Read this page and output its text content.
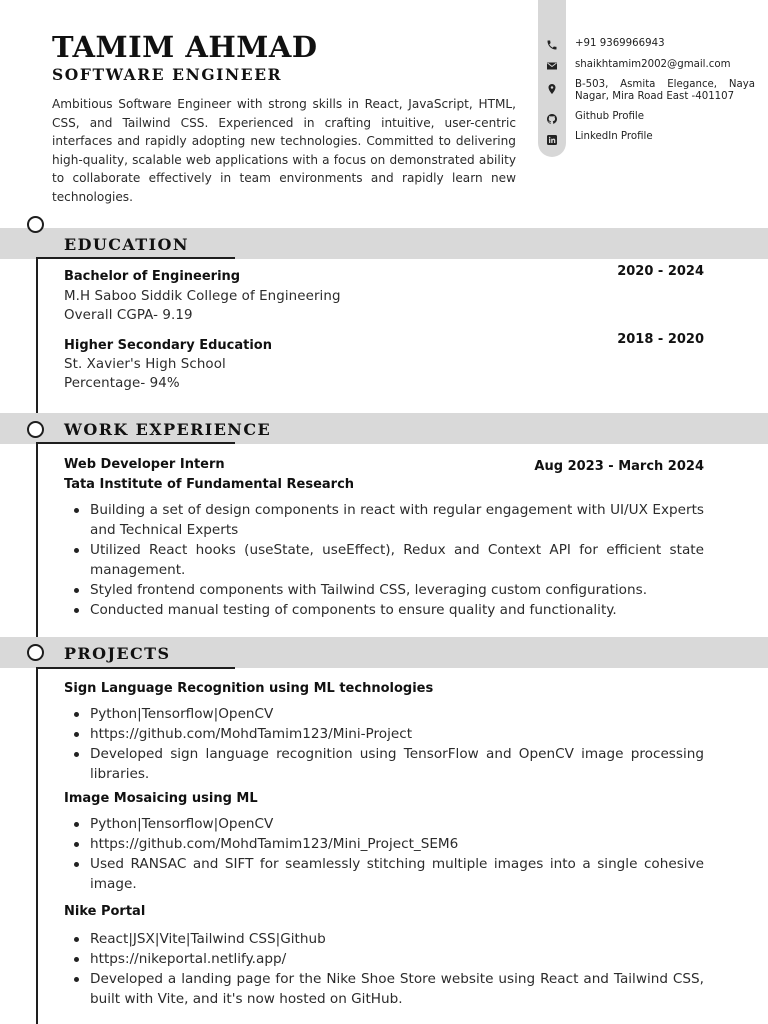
TAMIM AHMAD
SOFTWARE ENGINEER

Ambitious Software Engineer with strong skills in React, JavaScript, HTML, CSS, and Tailwind CSS. Experienced in crafting intuitive, user-centric interfaces and rapidly adopting new technologies. Committed to delivering high-quality, scalable web applications with a focus on demonstrated ability to collaborate effectively in team environments and rapidly learn new technologies.

+91 9369966943
shaikhtamim2002@gmail.com
B-503, Asmita Elegance, Naya Nagar, Mira Road East -401107
Github Profile
LinkedIn Profile
EDUCATION
Bachelor of Engineering	2020 - 2024
M.H Saboo Siddik College of Engineering
Overall CGPA- 9.19
Higher Secondary Education	2018 - 2020
St. Xavier's High School
Percentage- 94%
WORK EXPERIENCE
Web Developer Intern	Aug 2023 - March 2024
Tata Institute of Fundamental Research
Building a set of design components in react with regular engagement with UI/UX Experts and Technical Experts
Utilized React hooks (useState, useEffect), Redux and Context API for efficient state management.
Styled frontend components with Tailwind CSS, leveraging custom configurations.
Conducted manual testing of components to ensure quality and functionality.
PROJECTS
Sign Language Recognition using ML technologies
Python|Tensorflow|OpenCV
https://github.com/MohdTamim123/Mini-Project
Developed sign language recognition using TensorFlow and OpenCV image processing libraries.
Image Mosaicing using ML
Python|Tensorflow|OpenCV
https://github.com/MohdTamim123/Mini_Project_SEM6
Used RANSAC and SIFT for seamlessly stitching multiple images into a single cohesive image.
Nike Portal
React|JSX|Vite|Tailwind CSS|Github
https://nikeportal.netlify.app/
Developed a landing page for the Nike Shoe Store website using React and Tailwind CSS, built with Vite, and it's now hosted on GitHub.
